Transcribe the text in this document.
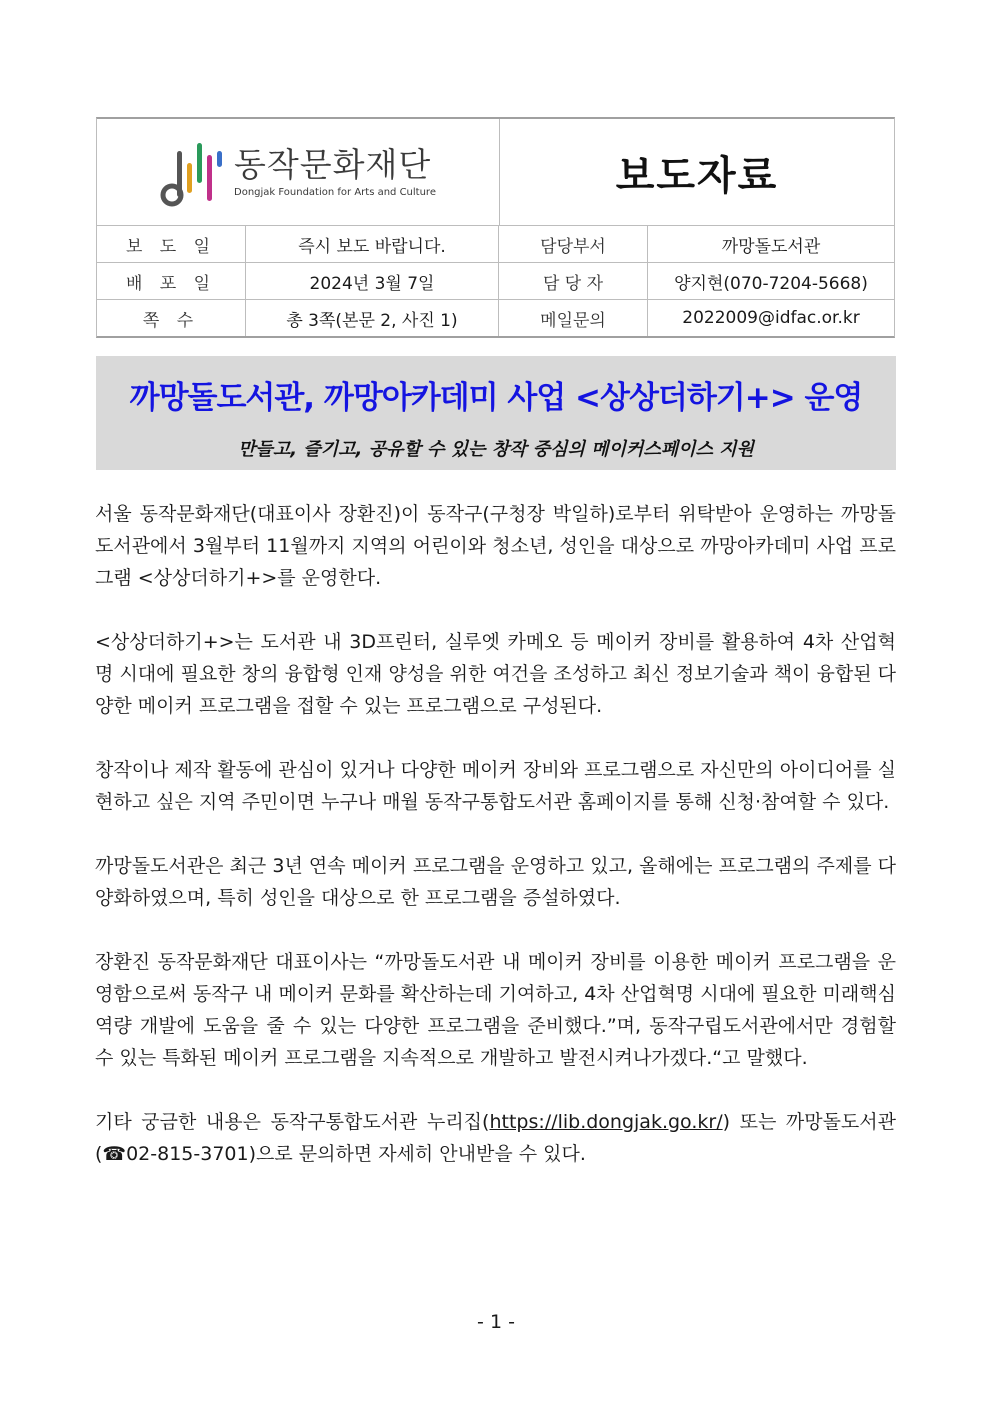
동작문화재단
Dongjak Foundation for Arts and Culture	보도자료
보 도 일	즉시 보도 바랍니다.	담당부서	까망돌도서관
배 포 일	2024년 3월 7일	담 당 자	양지현(070-7204-5668)
쪽 수	총 3쪽(본문 2, 사진 1)	메일문의	2022009@idfac.or.kr
까망돌도서관, 까망아카데미 사업 <상상더하기+> 운영
만들고, 즐기고, 공유할 수 있는 창작 중심의 메이커스페이스 지원

서울 동작문화재단(대표이사 장환진)이 동작구(구청장 박일하)로부터 위탁받아 운영하는 까망돌도서관에서 3월부터 11월까지 지역의 어린이와 청소년, 성인을 대상으로 까망아카데미 사업 프로그램 <상상더하기+>를 운영한다.

<상상더하기+>는 도서관 내 3D프린터, 실루엣 카메오 등 메이커 장비를 활용하여 4차 산업혁명 시대에 필요한 창의 융합형 인재 양성을 위한 여건을 조성하고 최신 정보기술과 책이 융합된 다양한 메이커 프로그램을 접할 수 있는 프로그램으로 구성된다.

창작이나 제작 활동에 관심이 있거나 다양한 메이커 장비와 프로그램으로 자신만의 아이디어를 실현하고 싶은 지역 주민이면 누구나 매월 동작구통합도서관 홈페이지를 통해 신청·참여할 수 있다.

까망돌도서관은 최근 3년 연속 메이커 프로그램을 운영하고 있고, 올해에는 프로그램의 주제를 다양화하였으며, 특히 성인을 대상으로 한 프로그램을 증설하였다.

장환진 동작문화재단 대표이사는 “까망돌도서관 내 메이커 장비를 이용한 메이커 프로그램을 운영함으로써 동작구 내 메이커 문화를 확산하는데 기여하고, 4차 산업혁명 시대에 필요한 미래핵심 역량 개발에 도움을 줄 수 있는 다양한 프로그램을 준비했다.”며, 동작구립도서관에서만 경험할 수 있는 특화된 메이커 프로그램을 지속적으로 개발하고 발전시켜나가겠다.“고 말했다.

기타 궁금한 내용은 동작구통합도서관 누리집(https://lib.dongjak.go.kr/) 또는 까망돌도서관(☎02-815-3701)으로 문의하면 자세히 안내받을 수 있다.

- 1 -
